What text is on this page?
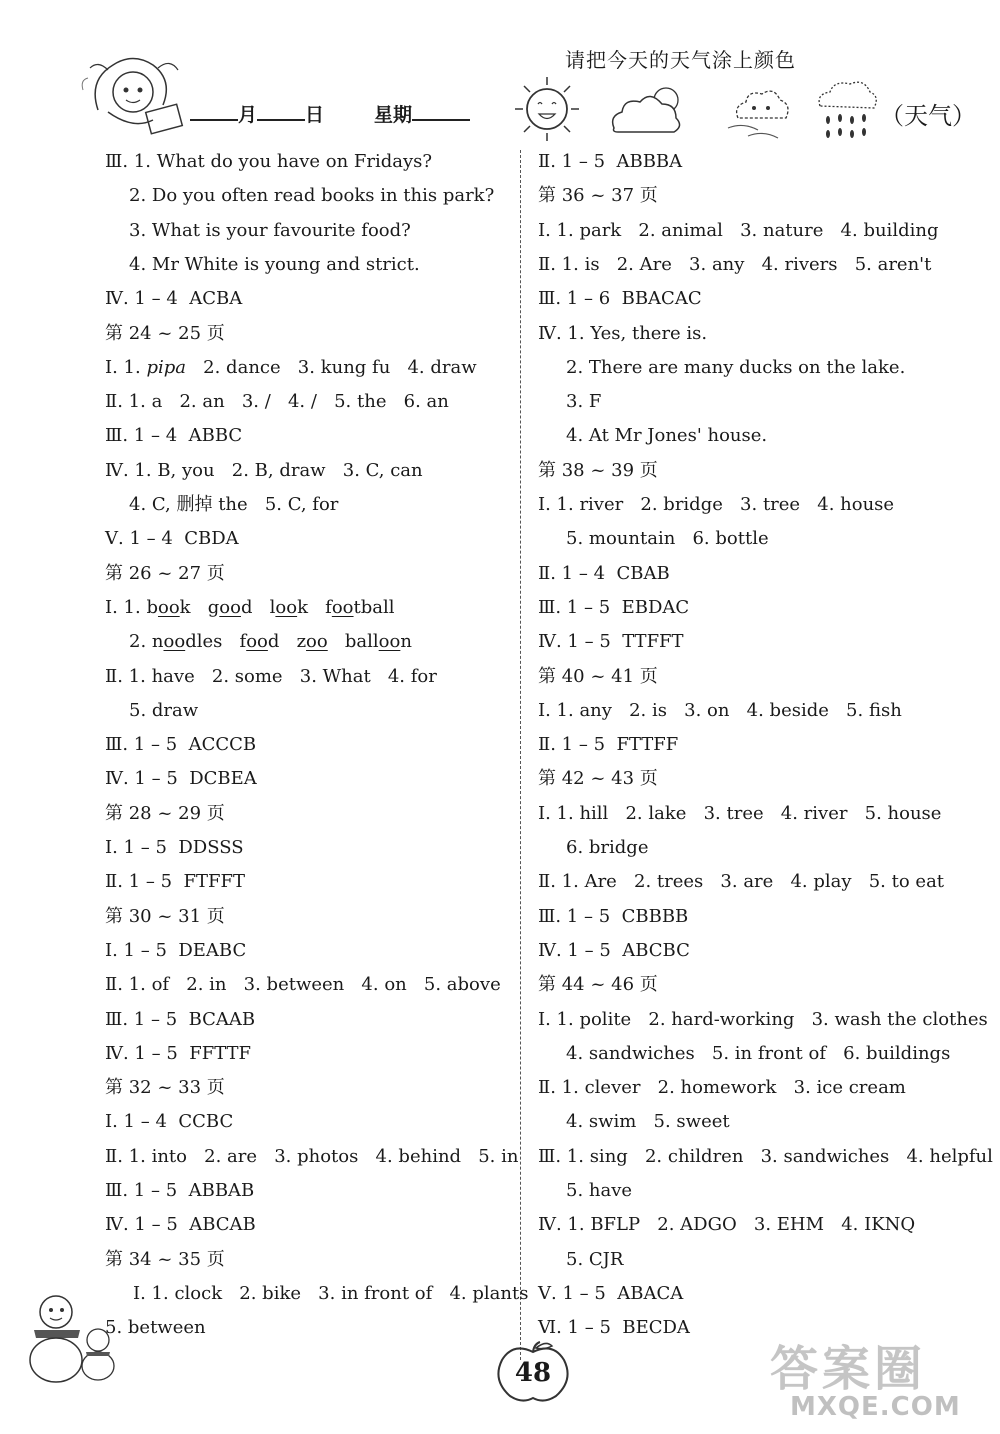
请把今天的天气涂上颜色
月	日	星期	（天气）
Ⅲ. 1. What do you have on Fridays?
2. Do you often read books in this park?
3. What is your favourite food?
4. Mr White is young and strict.
Ⅳ. 1 – 4  ACBA
第 24 ~ 25 页
Ⅰ. 1. pipa   2. dance   3. kung fu   4. draw
Ⅱ. 1. a   2. an   3. /   4. /   5. the   6. an
Ⅲ. 1 – 4  ABBC
Ⅳ. 1. B, you   2. B, draw   3. C, can
4. C, 删掉 the   5. C, for
Ⅴ. 1 – 4  CBDA
第 26 ~ 27 页
Ⅰ. 1. book   good   look   football
2. noodles   food   zoo   balloon
Ⅱ. 1. have   2. some   3. What   4. for
5. draw
Ⅲ. 1 – 5  ACCCB
Ⅳ. 1 – 5  DCBEA
第 28 ~ 29 页
Ⅰ. 1 – 5  DDSSS
Ⅱ. 1 – 5  FTFFT
第 30 ~ 31 页
Ⅰ. 1 – 5  DEABC
Ⅱ. 1. of   2. in   3. between   4. on   5. above
Ⅲ. 1 – 5  BCAAB
Ⅳ. 1 – 5  FFTTF
第 32 ~ 33 页
Ⅰ. 1 – 4  CCBC
Ⅱ. 1. into   2. are   3. photos   4. behind   5. in
Ⅲ. 1 – 5  ABBAB
Ⅳ. 1 – 5  ABCAB
第 34 ~ 35 页
Ⅰ. 1. clock   2. bike   3. in front of   4. plants
5. between
Ⅱ. 1 – 5  ABBBA
第 36 ~ 37 页
Ⅰ. 1. park   2. animal   3. nature   4. building
Ⅱ. 1. is   2. Are   3. any   4. rivers   5. aren't
Ⅲ. 1 – 6  BBACAC
Ⅳ. 1. Yes, there is.
2. There are many ducks on the lake.
3. F
4. At Mr Jones' house.
第 38 ~ 39 页
Ⅰ. 1. river   2. bridge   3. tree   4. house
5. mountain   6. bottle
Ⅱ. 1 – 4  CBAB
Ⅲ. 1 – 5  EBDAC
Ⅳ. 1 – 5  TTFFT
第 40 ~ 41 页
Ⅰ. 1. any   2. is   3. on   4. beside   5. fish
Ⅱ. 1 – 5  FTTFF
第 42 ~ 43 页
Ⅰ. 1. hill   2. lake   3. tree   4. river   5. house
6. bridge
Ⅱ. 1. Are   2. trees   3. are   4. play   5. to eat
Ⅲ. 1 – 5  CBBBB
Ⅳ. 1 – 5  ABCBC
第 44 ~ 46 页
Ⅰ. 1. polite   2. hard-working   3. wash the clothes
4. sandwiches   5. in front of   6. buildings
Ⅱ. 1. clever   2. homework   3. ice cream
4. swim   5. sweet
Ⅲ. 1. sing   2. children   3. sandwiches   4. helpful
5. have
Ⅳ. 1. BFLP   2. ADGO   3. EHM   4. IKNQ
5. CJR
Ⅴ. 1 – 5  ABACA
Ⅵ. 1 – 5  BECDA
48	答案圈
MXQE.COM
